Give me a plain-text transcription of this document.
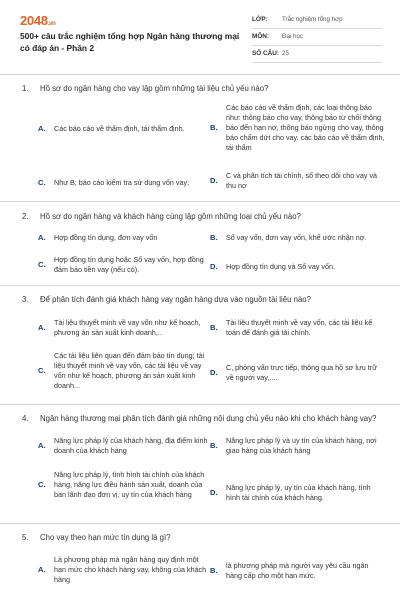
2048.vn
500+ câu trắc nghiệm tổng hợp Ngân hàng thương mại có đáp án - Phần 2
LỚP:	Trắc nghiệm tổng hợp
MÔN:	Đại học
SỐ CÂU: 25
1.	Hồ sơ do ngân hàng cho vay lập gồm những tài liệu chủ yếu nào?
A.	Các báo cáo về thẩm định, tái thẩm định.	B.
Các báo cáo về thẩm định, các loại thông báo như: thông báo cho vay, thông báo từ chối thông báo đến hạn nợ, thông báo ngừng cho vay, thông báo chấm dứt cho vay. các báo cáo về thẩm định, tái thẩm
C.	Như B; báo cáo kiểm tra sử dụng vốn vay;	D.
C và phân tích tài chính, sổ theo dõi cho vay và thu nợ
2.	Hồ sơ do ngân hàng và khách hàng cùng lập gồm những loại chủ yếu nào?
A.	Hợp đồng tín dụng, đơn vay vốn	B.	Sổ vay vốn, đơn vay vốn, khế ước nhận nợ.
C.
Hợp đồng tín dụng hoặc Sổ vay vốn, hợp đồng đảm bảo tiền vay (nếu có).	D.	Hợp đồng tín dụng và Sổ vay vốn.
3.	Để phân tích đánh giá khách hàng vay ngân hàng dựa vào nguồn tài liệu nào?
A.
Tài liệu thuyết minh về vay vốn như kế hoạch, phương án sản xuất kinh doanh,..
B.
Tài liệu thuyết minh về vay vốn, các tài liệu kế toán để đánh giá tài chính.
C.
Các tài liệu liên quan đến đảm bảo tín dụng; tài liệu thuyết minh về vay vốn, các tài liệu về vay vốn như kế hoạch, phương án sản xuất kinh doanh...
D.
C, phỏng vấn trực tiếp, thông qua hồ sơ lưu trữ về người vay,....
4.	Ngân hàng thương mại phân tích đánh giá những nội dung chủ yếu nào khi cho khách hàng vay?
A.
Năng lực pháp lý của khách hàng, địa điểm kinh doanh của khách hàng
B.
Năng lực pháp lý và uy tín của khách hàng, nơi giao hàng của khách hàng
C.
Năng lực pháp lý, tình hình tài chính của khách hàng, năng lực điều hành sản xuất, doanh của ban lãnh đạo đơn vị, uy tín của khách hàng	D.
Năng lực pháp lý, uy tín của khách hàng, tình hình tài chính của khách hàng.
5.	Cho vay theo hạn mức tín dụng là gì?
A.
Là phương pháp mà ngân hàng quy định một hạn mức cho khách hàng vay, không của khách hàng
B.
là phương pháp mà người vay yêu cầu ngân hàng cấp cho một hạn mức.
